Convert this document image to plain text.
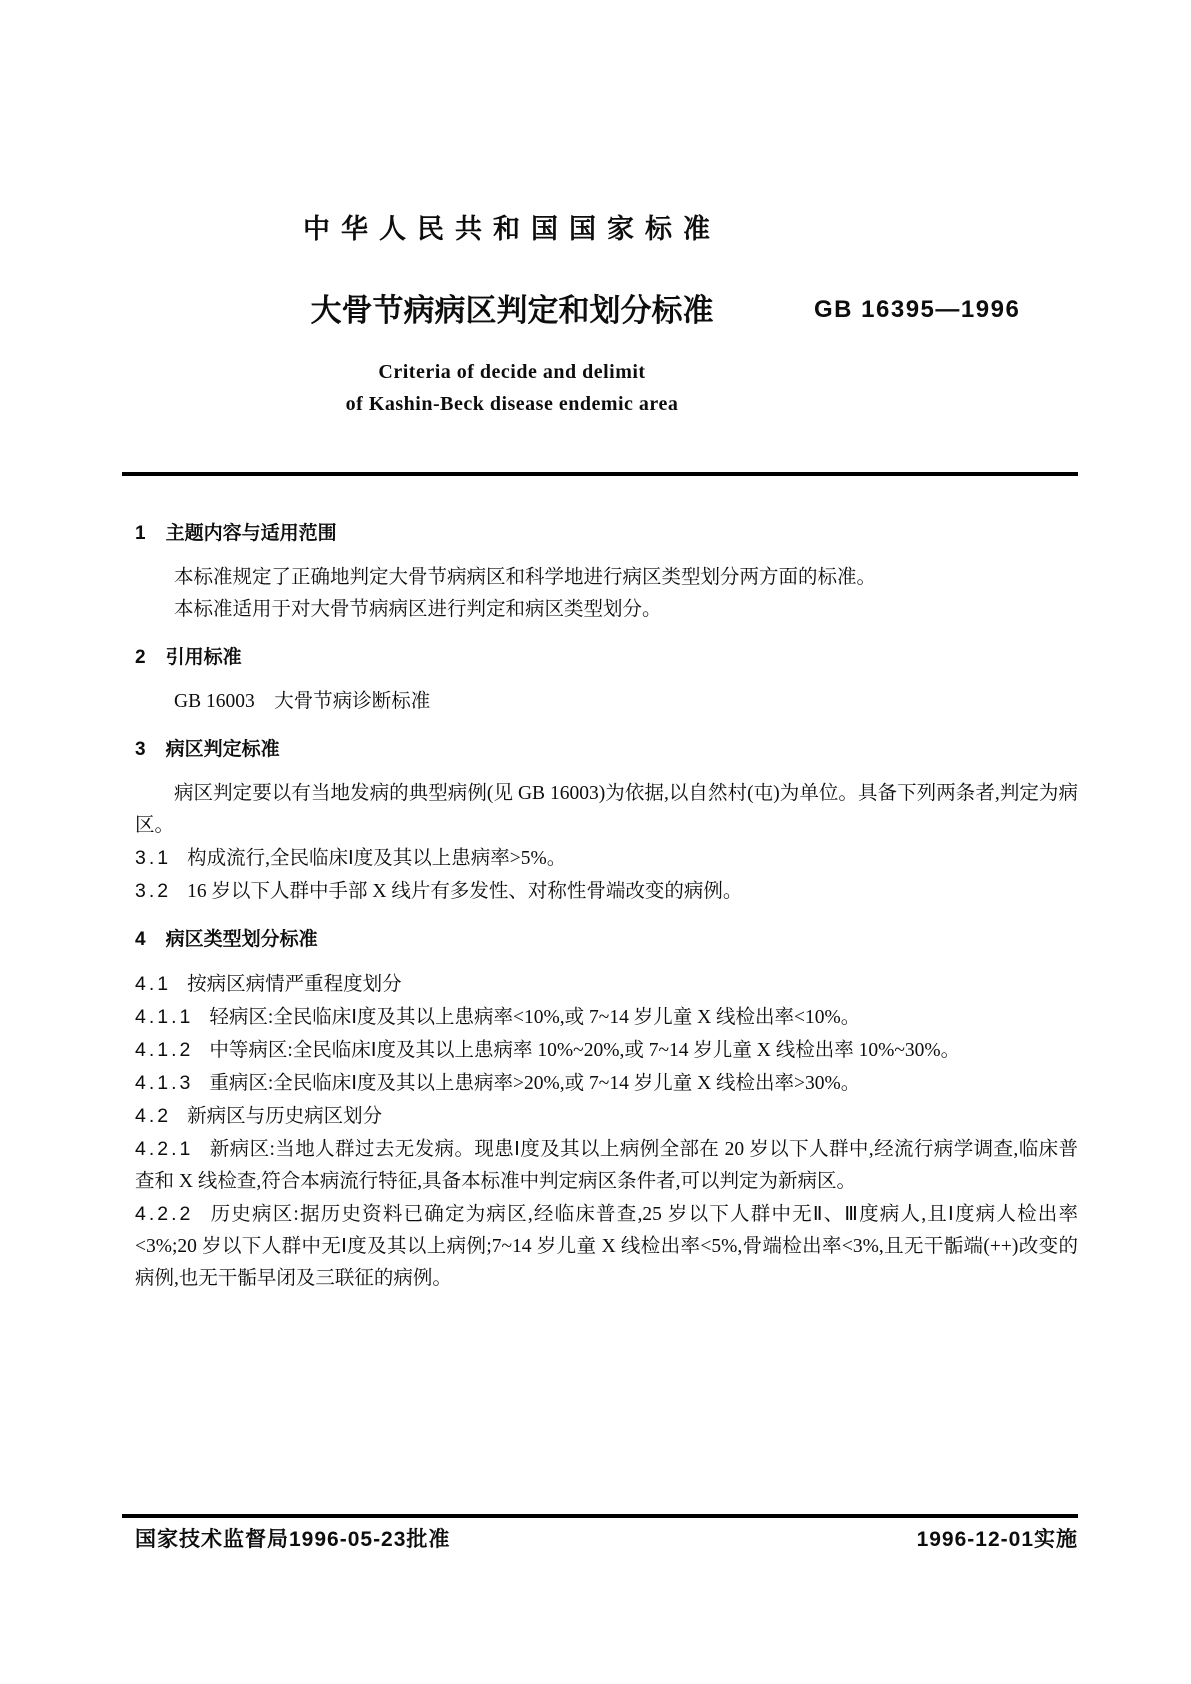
中华人民共和国国家标准
大骨节病病区判定和划分标准	GB 16395—1996
Criteria of decide and delimit
of Kashin-Beck disease endemic area
1 主题内容与适用范围

本标准规定了正确地判定大骨节病病区和科学地进行病区类型划分两方面的标准。

本标准适用于对大骨节病病区进行判定和病区类型划分。

2 引用标准

GB 16003　大骨节病诊断标准

3 病区判定标准

病区判定要以有当地发病的典型病例(见 GB 16003)为依据,以自然村(屯)为单位。具备下列两条者,判定为病区。

3.1 构成流行,全民临床Ⅰ度及其以上患病率>5%。

3.2 16 岁以下人群中手部 X 线片有多发性、对称性骨端改变的病例。

4 病区类型划分标准

4.1 按病区病情严重程度划分

4.1.1 轻病区:全民临床Ⅰ度及其以上患病率<10%,或 7~14 岁儿童 X 线检出率<10%。

4.1.2 中等病区:全民临床Ⅰ度及其以上患病率 10%~20%,或 7~14 岁儿童 X 线检出率 10%~30%。

4.1.3 重病区:全民临床Ⅰ度及其以上患病率>20%,或 7~14 岁儿童 X 线检出率>30%。

4.2 新病区与历史病区划分

4.2.1 新病区:当地人群过去无发病。现患Ⅰ度及其以上病例全部在 20 岁以下人群中,经流行病学调查,临床普查和 X 线检查,符合本病流行特征,具备本标准中判定病区条件者,可以判定为新病区。

4.2.2 历史病区:据历史资料已确定为病区,经临床普查,25 岁以下人群中无Ⅱ、Ⅲ度病人,且Ⅰ度病人检出率<3%;20 岁以下人群中无Ⅰ度及其以上病例;7~14 岁儿童 X 线检出率<5%,骨端检出率<3%,且无干骺端(++)改变的病例,也无干骺早闭及三联征的病例。

国家技术监督局1996-05-23批准	1996-12-01实施
